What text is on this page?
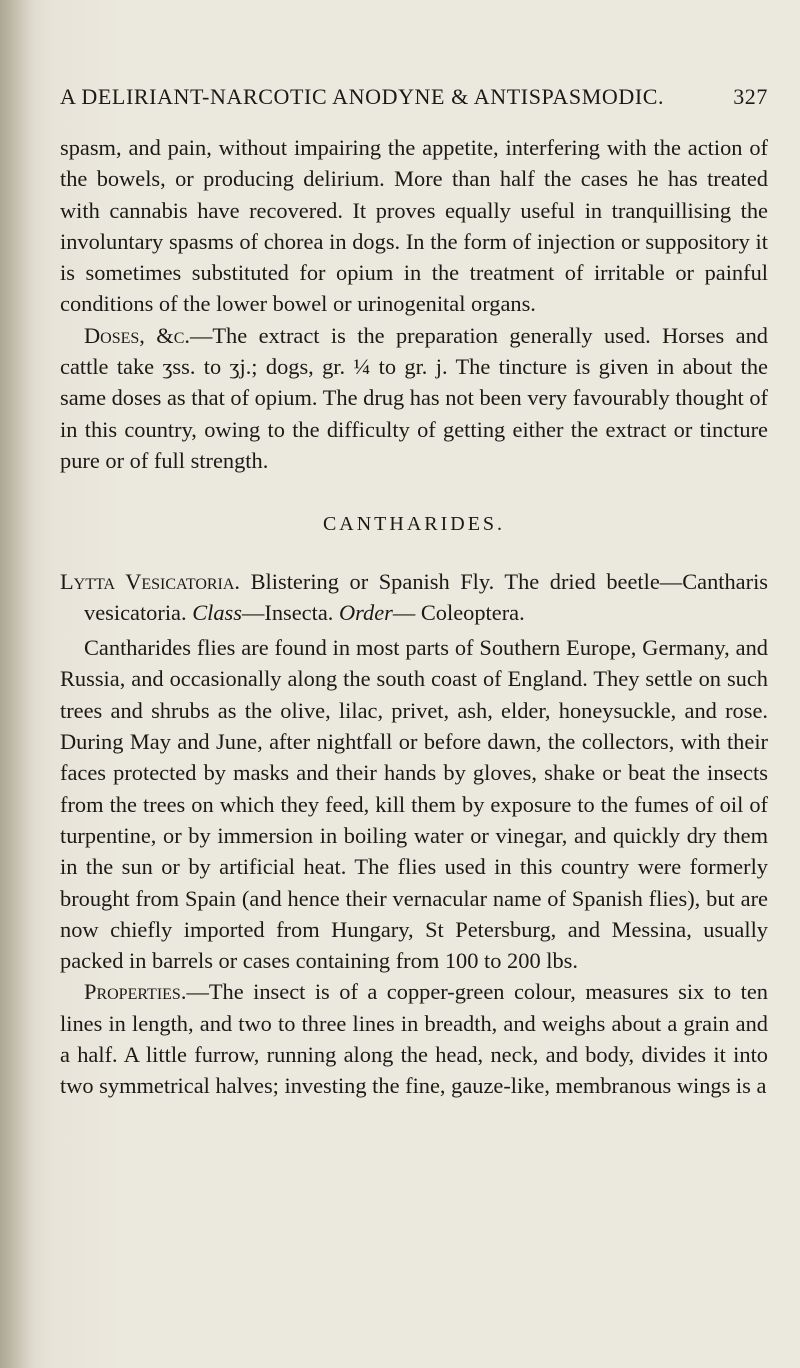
A DELIRIANT-NARCOTIC ANODYNE & ANTISPASMODIC.	327

spasm, and pain, without impairing the appetite, interfering with the action of the bowels, or producing delirium. More than half the cases he has treated with cannabis have recovered. It proves equally useful in tranquillising the involuntary spasms of chorea in dogs. In the form of injection or suppository it is sometimes substituted for opium in the treatment of irritable or painful conditions of the lower bowel or urinogenital organs.

Doses, &c.—The extract is the preparation generally used. Horses and cattle take ʒss. to ʒj.; dogs, gr. ¼ to gr. j. The tincture is given in about the same doses as that of opium. The drug has not been very favourably thought of in this country, owing to the difficulty of getting either the extract or tincture pure or of full strength.

CANTHARIDES.

Lytta Vesicatoria. Blistering or Spanish Fly. The dried beetle—Cantharis vesicatoria. Class—Insecta. Order— Coleoptera.

Cantharides flies are found in most parts of Southern Europe, Germany, and Russia, and occasionally along the south coast of England. They settle on such trees and shrubs as the olive, lilac, privet, ash, elder, honeysuckle, and rose. During May and June, after nightfall or before dawn, the collectors, with their faces protected by masks and their hands by gloves, shake or beat the insects from the trees on which they feed, kill them by exposure to the fumes of oil of turpentine, or by immersion in boiling water or vinegar, and quickly dry them in the sun or by artificial heat. The flies used in this country were formerly brought from Spain (and hence their vernacular name of Spanish flies), but are now chiefly imported from Hungary, St Petersburg, and Messina, usually packed in barrels or cases containing from 100 to 200 lbs.

Properties.—The insect is of a copper-green colour, measures six to ten lines in length, and two to three lines in breadth, and weighs about a grain and a half. A little furrow, running along the head, neck, and body, divides it into two symmetrical halves; investing the fine, gauze-like, membranous wings is a
